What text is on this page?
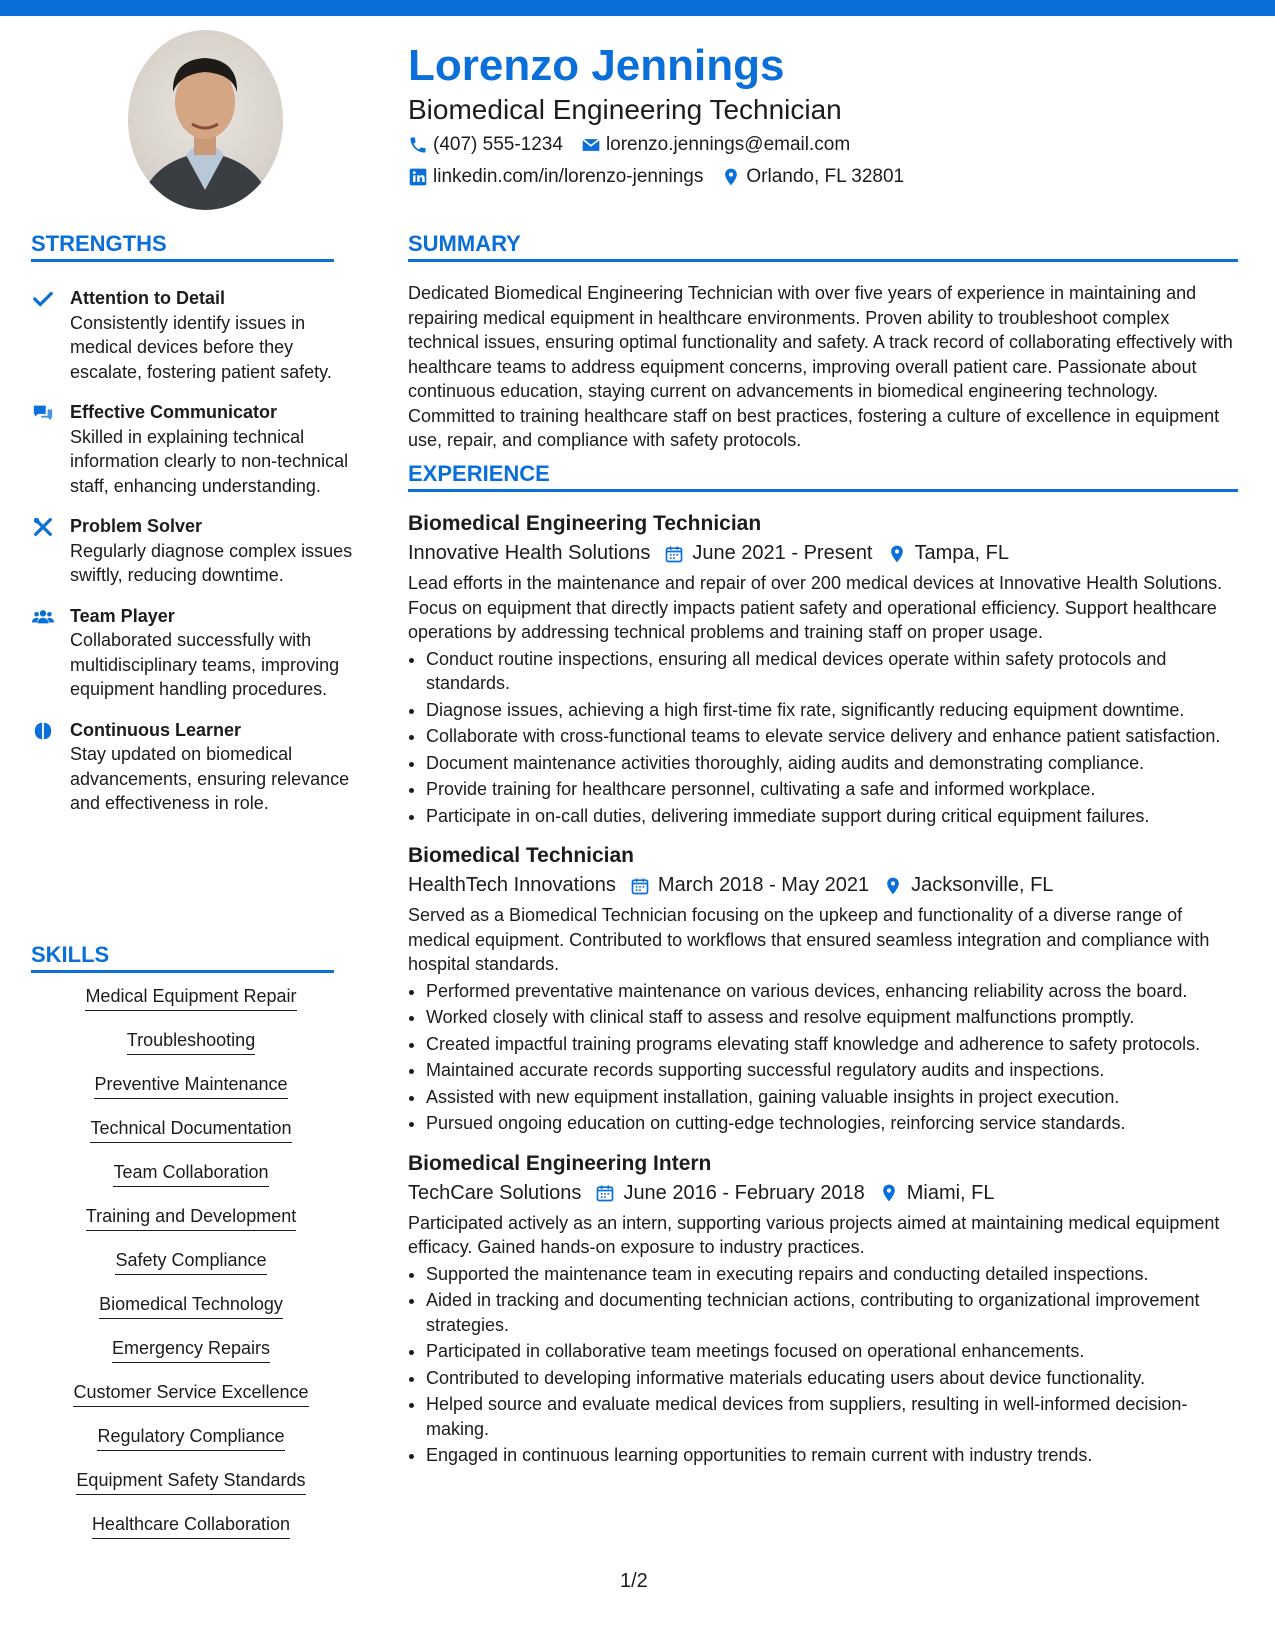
Lorenzo Jennings
Biomedical Engineering Technician
(407) 555-1234 lorenzo.jennings@email.com
linkedin.com/in/lorenzo-jennings Orlando, FL 32801
STRENGTHS
Attention to Detail
Consistently identify issues in medical devices before they escalate, fostering patient safety.
Effective Communicator
Skilled in explaining technical information clearly to non-technical staff, enhancing understanding.
Problem Solver
Regularly diagnose complex issues swiftly, reducing downtime.
Team Player
Collaborated successfully with multidisciplinary teams, improving equipment handling procedures.
Continuous Learner
Stay updated on biomedical advancements, ensuring relevance and effectiveness in role.
SKILLS
Medical Equipment Repair
Troubleshooting
Preventive Maintenance
Technical Documentation
Team Collaboration
Training and Development
Safety Compliance
Biomedical Technology
Emergency Repairs
Customer Service Excellence
Regulatory Compliance
Equipment Safety Standards
Healthcare Collaboration
SUMMARY
Dedicated Biomedical Engineering Technician with over five years of experience in maintaining and repairing medical equipment in healthcare environments. Proven ability to troubleshoot complex technical issues, ensuring optimal functionality and safety. A track record of collaborating effectively with healthcare teams to address equipment concerns, improving overall patient care. Passionate about continuous education, staying current on advancements in biomedical engineering technology. Committed to training healthcare staff on best practices, fostering a culture of excellence in equipment use, repair, and compliance with safety protocols.
EXPERIENCE
Biomedical Engineering Technician
Innovative Health Solutions June 2021 - Present Tampa, FL
Lead efforts in the maintenance and repair of over 200 medical devices at Innovative Health Solutions. Focus on equipment that directly impacts patient safety and operational efficiency. Support healthcare operations by addressing technical problems and training staff on proper usage.
• Conduct routine inspections, ensuring all medical devices operate within safety protocols and standards.
• Diagnose issues, achieving a high first-time fix rate, significantly reducing equipment downtime.
• Collaborate with cross-functional teams to elevate service delivery and enhance patient satisfaction.
• Document maintenance activities thoroughly, aiding audits and demonstrating compliance.
• Provide training for healthcare personnel, cultivating a safe and informed workplace.
• Participate in on-call duties, delivering immediate support during critical equipment failures.
Biomedical Technician
HealthTech Innovations March 2018 - May 2021 Jacksonville, FL
Served as a Biomedical Technician focusing on the upkeep and functionality of a diverse range of medical equipment. Contributed to workflows that ensured seamless integration and compliance with hospital standards.
• Performed preventative maintenance on various devices, enhancing reliability across the board.
• Worked closely with clinical staff to assess and resolve equipment malfunctions promptly.
• Created impactful training programs elevating staff knowledge and adherence to safety protocols.
• Maintained accurate records supporting successful regulatory audits and inspections.
• Assisted with new equipment installation, gaining valuable insights in project execution.
• Pursued ongoing education on cutting-edge technologies, reinforcing service standards.
Biomedical Engineering Intern
TechCare Solutions June 2016 - February 2018 Miami, FL
Participated actively as an intern, supporting various projects aimed at maintaining medical equipment efficacy. Gained hands-on exposure to industry practices.
• Supported the maintenance team in executing repairs and conducting detailed inspections.
• Aided in tracking and documenting technician actions, contributing to organizational improvement strategies.
• Participated in collaborative team meetings focused on operational enhancements.
• Contributed to developing informative materials educating users about device functionality.
• Helped source and evaluate medical devices from suppliers, resulting in well-informed decision-making.
• Engaged in continuous learning opportunities to remain current with industry trends.
1/2
